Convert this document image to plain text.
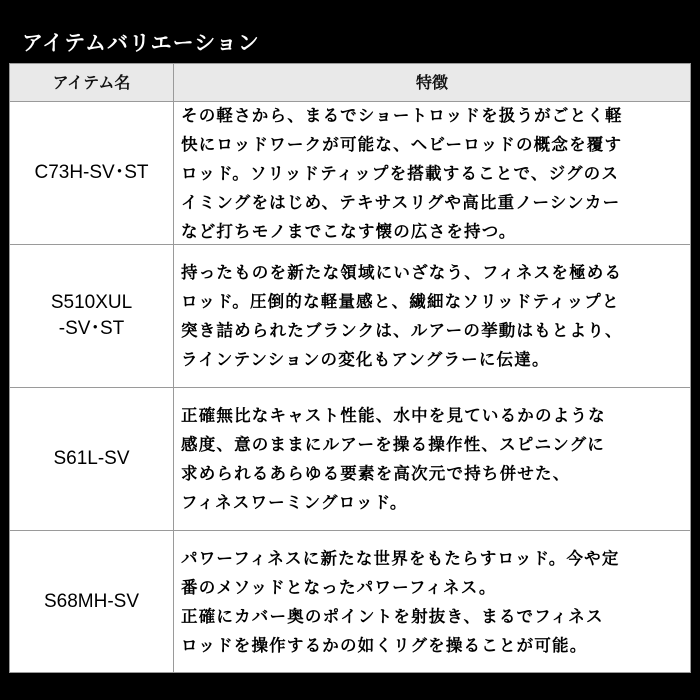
アイテムバリエーション
アイテム名	特徴
C73H-SV･ST
その軽さから、まるでショートロッドを扱うがごとく軽
快にロッドワークが可能な、ヘビーロッドの概念を覆す
ロッド。ソリッドティップを搭載することで、ジグのス
イミングをはじめ、テキサスリグや高比重ノーシンカー
など打ちモノまでこなす懐の広さを持つ。
S510XUL
-SV･ST
持ったものを新たな領域にいざなう、フィネスを極める
ロッド。圧倒的な軽量感と、繊細なソリッドティップと
突き詰められたブランクは、ルアーの挙動はもとより、
ラインテンションの変化もアングラーに伝達。
S61L-SV
正確無比なキャスト性能、水中を見ているかのような
感度、意のままにルアーを操る操作性、スピニングに
求められるあらゆる要素を高次元で持ち併せた、
フィネスワーミングロッド。
S68MH-SV
パワーフィネスに新たな世界をもたらすロッド。今や定
番のメソッドとなったパワーフィネス。
正確にカバー奥のポイントを射抜き、まるでフィネス
ロッドを操作するかの如くリグを操ることが可能。
